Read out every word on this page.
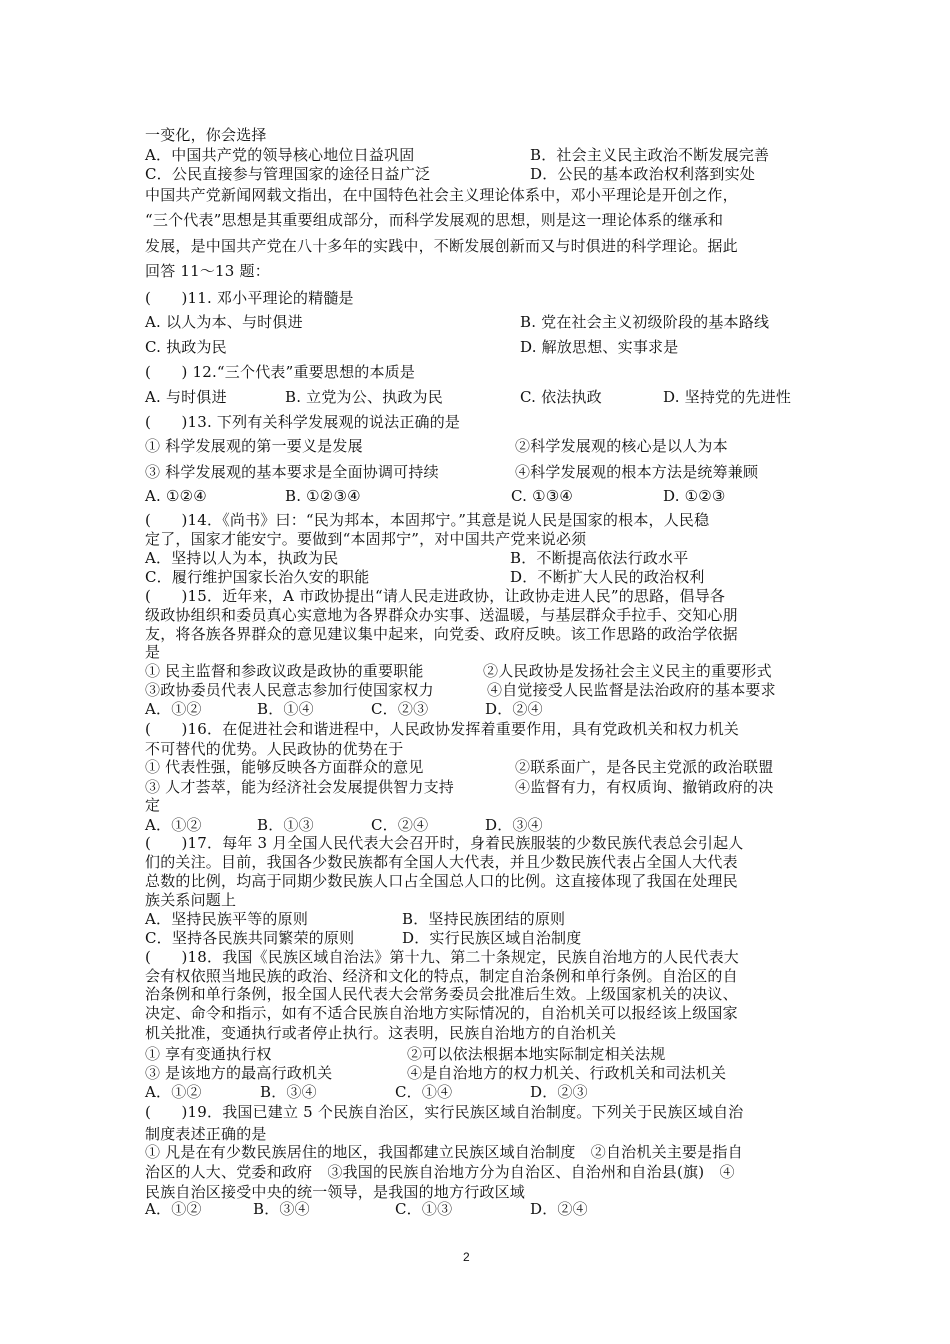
一变化，你会选择
A．中国共产党的领导核心地位日益巩固	B．社会主义民主政治不断发展完善
C．公民直接参与管理国家的途径日益广泛	D．公民的基本政治权利落到实处
中国共产党新闻网载文指出，在中国特色社会主义理论体系中，邓小平理论是开创之作，
“三个代表”思想是其重要组成部分，而科学发展观的思想，则是这一理论体系的继承和
发展，是中国共产党在八十多年的实践中，不断发展创新而又与时俱进的科学理论。据此
回答 11～13 题：
(　　)11. 邓小平理论的精髓是
A. 以人为本、与时俱进	B. 党在社会主义初级阶段的基本路线
C. 执政为民	D. 解放思想、实事求是
(　　) 12.“三个代表”重要思想的本质是
A. 与时俱进	B. 立党为公、执政为民	C. 依法执政	D. 坚持党的先进性
(　　)13. 下列有关科学发展观的说法正确的是
① 科学发展观的第一要义是发展	②科学发展观的核心是以人为本
③ 科学发展观的基本要求是全面协调可持续	④科学发展观的根本方法是统筹兼顾
A. ①②④	B. ①②③④	C. ①③④	D. ①②③
(　　)14．《尚书》曰：“民为邦本，本固邦宁。”其意是说人民是国家的根本，人民稳
定了，国家才能安宁。要做到“本固邦宁”，对中国共产党来说必须
A．坚持以人为本，执政为民	B．不断提高依法行政水平
C．履行维护国家长治久安的职能	D．不断扩大人民的政治权利
(　　)15．近年来，A 市政协提出“请人民走进政协，让政协走进人民”的思路，倡导各
级政协组织和委员真心实意地为各界群众办实事、送温暖，与基层群众手拉手、交知心朋
友，将各族各界群众的意见建议集中起来，向党委、政府反映。该工作思路的政治学依据
是
① 民主监督和参政议政是政协的重要职能	②人民政协是发扬社会主义民主的重要形式
③政协委员代表人民意志参加行使国家权力	④自觉接受人民监督是法治政府的基本要求
A．①②	B．①④	C．②③	D．②④
(　　)16．在促进社会和谐进程中，人民政协发挥着重要作用，具有党政机关和权力机关
不可替代的优势。人民政协的优势在于
① 代表性强，能够反映各方面群众的意见	②联系面广，是各民主党派的政治联盟
③ 人才荟萃，能为经济社会发展提供智力支持	④监督有力，有权质询、撤销政府的决
定
A．①②	B．①③	C．②④	D．③④
(　　)17．每年 3 月全国人民代表大会召开时，身着民族服装的少数民族代表总会引起人
们的关注。目前，我国各少数民族都有全国人大代表，并且少数民族代表占全国人大代表
总数的比例，均高于同期少数民族人口占全国总人口的比例。这直接体现了我国在处理民
族关系问题上
A．坚持民族平等的原则	B．坚持民族团结的原则
C．坚持各民族共同繁荣的原则	D．实行民族区域自治制度
(　　)18．我国《民族区域自治法》第十九、第二十条规定，民族自治地方的人民代表大
会有权依照当地民族的政治、经济和文化的特点，制定自治条例和单行条例。自治区的自
治条例和单行条例，报全国人民代表大会常务委员会批准后生效。上级国家机关的决议、
决定、命令和指示，如有不适合民族自治地方实际情况的，自治机关可以报经该上级国家
机关批准，变通执行或者停止执行。这表明，民族自治地方的自治机关
① 享有变通执行权	②可以依法根据本地实际制定相关法规
③ 是该地方的最高行政机关	④是自治地方的权力机关、行政机关和司法机关
A．①②	B．③④	C．①④	D．②③
(　　)19．我国已建立 5 个民族自治区，实行民族区域自治制度。下列关于民族区域自治
制度表述正确的是
① 凡是在有少数民族居住的地区，我国都建立民族区域自治制度　②自治机关主要是指自
治区的人大、党委和政府　③我国的民族自治地方分为自治区、自治州和自治县(旗)　④
民族自治区接受中央的统一领导，是我国的地方行政区域
A．①②	B．③④	C．①③	D．②④
2
